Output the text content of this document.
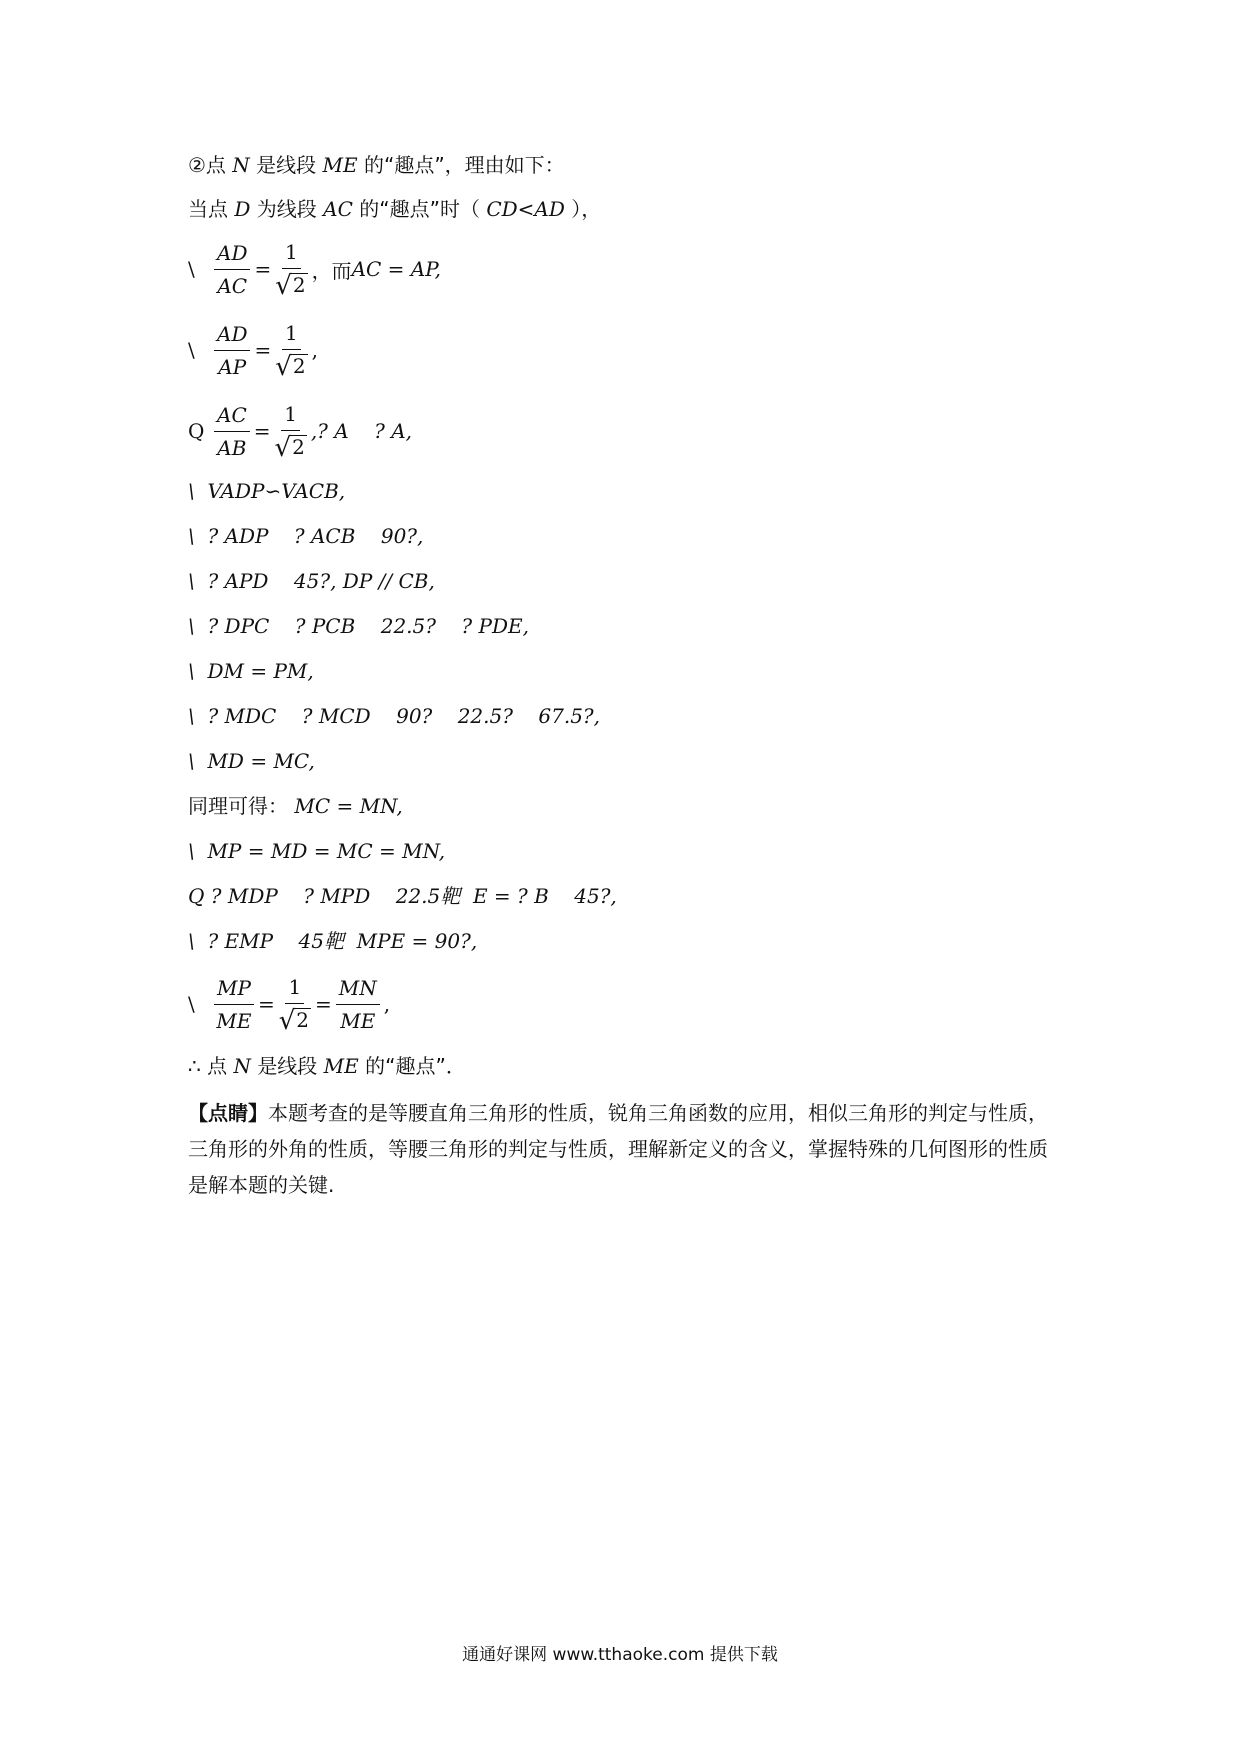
②点 N 是线段 ME 的“趣点”，理由如下：
当点 D 为线段 AC 的“趣点”时（ CD<AD ），
\ $\frac{AD}{AC} = \frac{1}{√ 2}$ ，而 AC = AP,
\ $\frac{AD}{AP} = \frac{1}{√ 2}$ ,
Q $\frac{AC}{AB} = \frac{1}{√ 2}$ ,? A    ? A,
\  VADP∽VACB,
\  ? ADP    ? ACB    90?,
\  ? APD    45?, DP // CB,
\  ? DPC    ? PCB    22.5?    ? PDE,
\  DM = PM,
\  ? MDC    ? MCD    90?    22.5?    67.5?,
\  MD = MC,
同理可得： MC = MN,
\  MP = MD = MC = MN,
Q ? MDP    ? MPD    22.5靶  E = ? B    45?,
\  ? EMP    45靶  MPE = 90?,
\ $\frac{MP}{ME} = \frac{1}{√ 2} = \frac{MN}{ME}$ ,
∴ 点 N 是线段 ME 的“趣点”．
【点睛】本题考查的是等腰直角三角形的性质，锐角三角函数的应用，相似三角形的判定与性质，三角形的外角的性质，等腰三角形的判定与性质，理解新定义的含义，掌握特殊的几何图形的性质是解本题的关键.
通通好课网 www.tthaoke.com 提供下载
